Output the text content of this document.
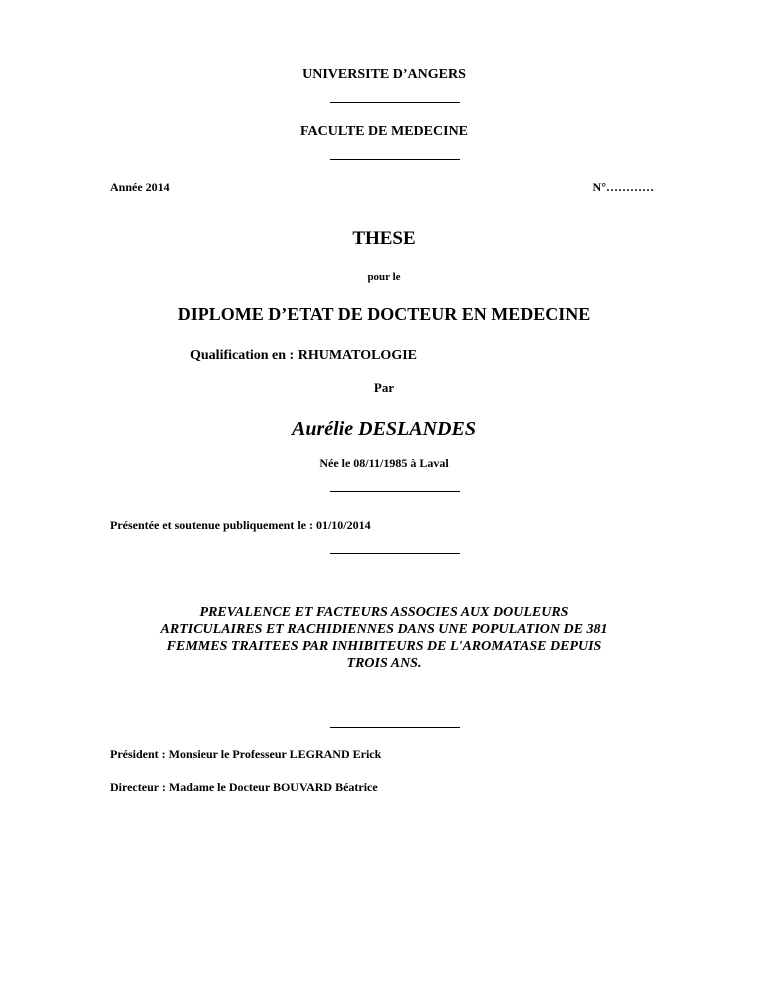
UNIVERSITE D’ANGERS
FACULTE DE MEDECINE
Année 2014	N°…………
THESE
pour le
DIPLOME D’ETAT DE DOCTEUR EN MEDECINE
Qualification en : RHUMATOLOGIE
Par
Aurélie DESLANDES
Née le 08/11/1985 à Laval
Présentée et soutenue publiquement le : 01/10/2014
PREVALENCE ET FACTEURS ASSOCIES AUX DOULEURS
ARTICULAIRES ET RACHIDIENNES DANS UNE POPULATION DE 381
FEMMES TRAITEES PAR INHIBITEURS DE L'AROMATASE DEPUIS
TROIS ANS.
Président : Monsieur le Professeur LEGRAND Erick
Directeur : Madame le Docteur BOUVARD Béatrice
